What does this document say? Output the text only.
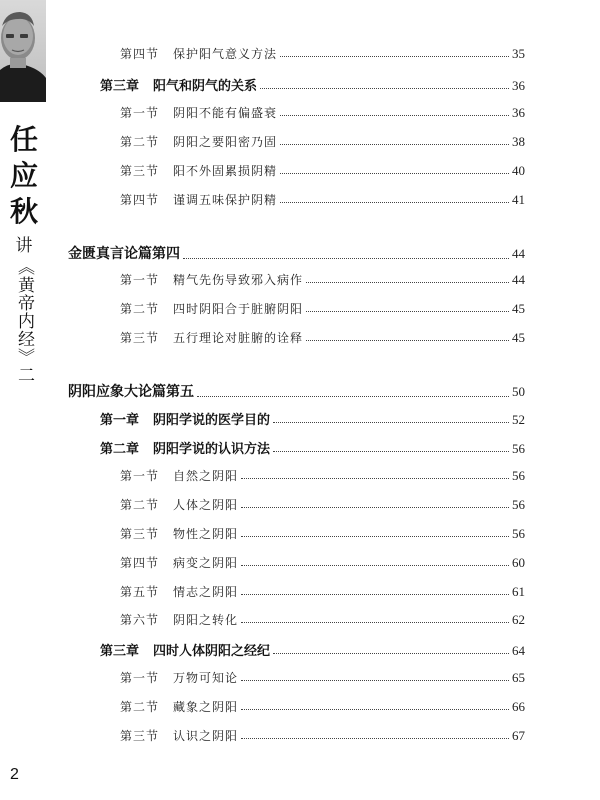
任
应
秋
讲
《黄帝内经》二
第四节 保护阳气意义方法	35
第三章 阳气和阴气的关系	36
第一节 阴阳不能有偏盛衰	36
第二节 阴阳之要阳密乃固	38
第三节 阳不外固累损阴精	40
第四节 谨调五味保护阴精	41
金匮真言论篇第四	44
第一节 精气先伤导致邪入病作	44
第二节 四时阴阳合于脏腑阴阳	45
第三节 五行理论对脏腑的诠释	45
阴阳应象大论篇第五	50
第一章 阴阳学说的医学目的	52
第二章 阴阳学说的认识方法	56
第一节 自然之阴阳	56
第二节 人体之阴阳	56
第三节 物性之阴阳	56
第四节 病变之阴阳	60
第五节 情志之阴阳	61
第六节 阴阳之转化	62
第三章 四时人体阴阳之经纪	64
第一节 万物可知论	65
第二节 藏象之阴阳	66
第三节 认识之阴阳	67
2
